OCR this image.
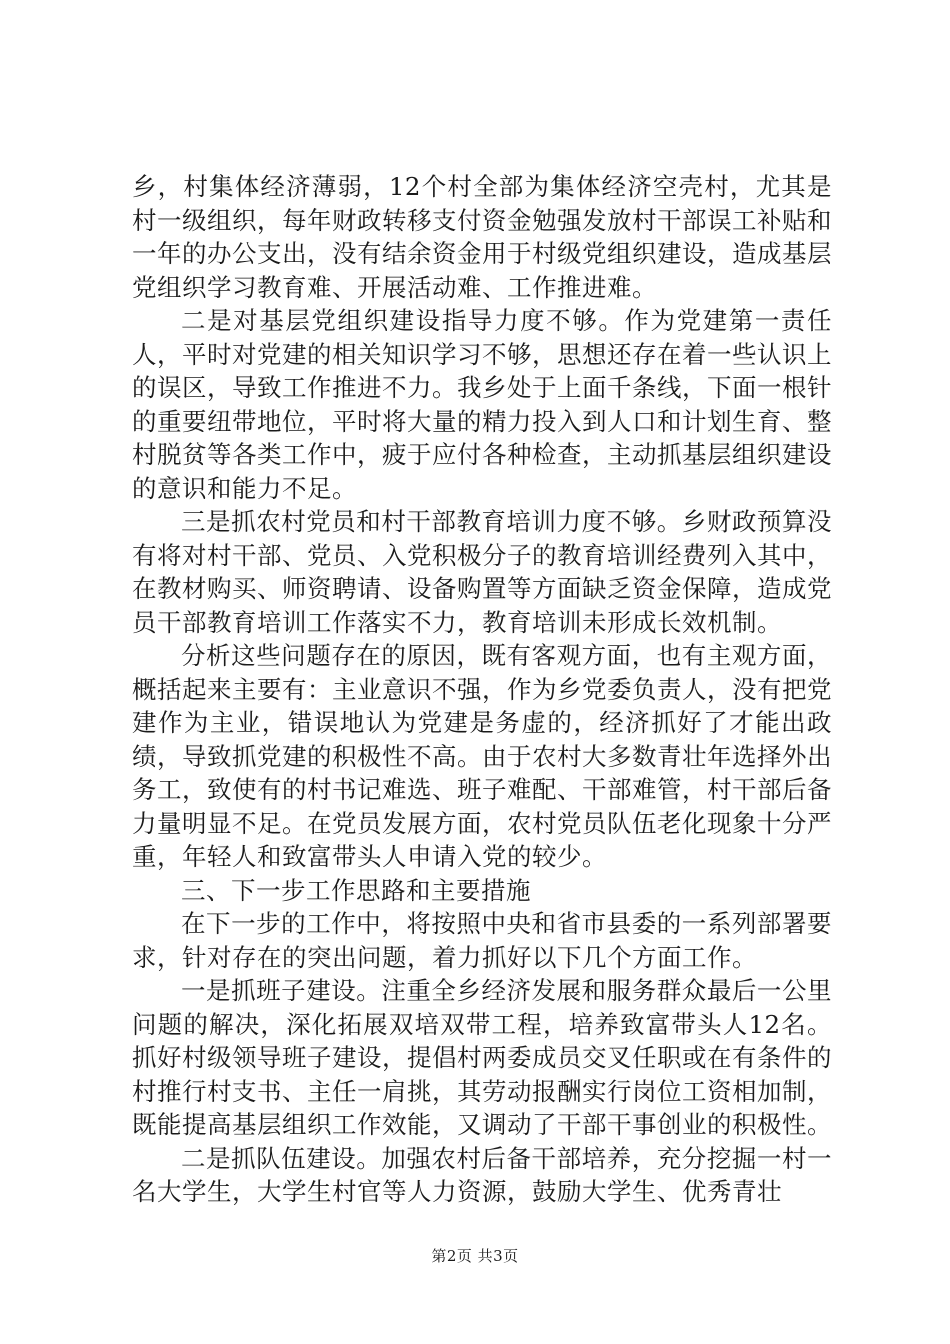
乡，村集体经济薄弱，12个村全部为集体经济空壳村，尤其是村一级组织，每年财政转移支付资金勉强发放村干部误工补贴和一年的办公支出，没有结余资金用于村级党组织建设，造成基层党组织学习教育难、开展活动难、工作推进难。

二是对基层党组织建设指导力度不够。作为党建第一责任人，平时对党建的相关知识学习不够，思想还存在着一些认识上的误区，导致工作推进不力。我乡处于上面千条线，下面一根针的重要纽带地位，平时将大量的精力投入到人口和计划生育、整村脱贫等各类工作中，疲于应付各种检查，主动抓基层组织建设的意识和能力不足。

三是抓农村党员和村干部教育培训力度不够。乡财政预算没有将对村干部、党员、入党积极分子的教育培训经费列入其中，在教材购买、师资聘请、设备购置等方面缺乏资金保障，造成党员干部教育培训工作落实不力，教育培训未形成长效机制。

分析这些问题存在的原因，既有客观方面，也有主观方面，概括起来主要有：主业意识不强，作为乡党委负责人，没有把党建作为主业，错误地认为党建是务虚的，经济抓好了才能出政绩，导致抓党建的积极性不高。由于农村大多数青壮年选择外出务工，致使有的村书记难选、班子难配、干部难管，村干部后备力量明显不足。在党员发展方面，农村党员队伍老化现象十分严重，年轻人和致富带头人申请入党的较少。

三、下一步工作思路和主要措施

在下一步的工作中，将按照中央和省市县委的一系列部署要求，针对存在的突出问题，着力抓好以下几个方面工作。

一是抓班子建设。注重全乡经济发展和服务群众最后一公里问题的解决，深化拓展双培双带工程，培养致富带头人12名。抓好村级领导班子建设，提倡村两委成员交叉任职或在有条件的村推行村支书、主任一肩挑，其劳动报酬实行岗位工资相加制，既能提高基层组织工作效能，又调动了干部干事创业的积极性。

二是抓队伍建设。加强农村后备干部培养，充分挖掘一村一名大学生，大学生村官等人力资源，鼓励大学生、优秀青壮

第2页 共3页
